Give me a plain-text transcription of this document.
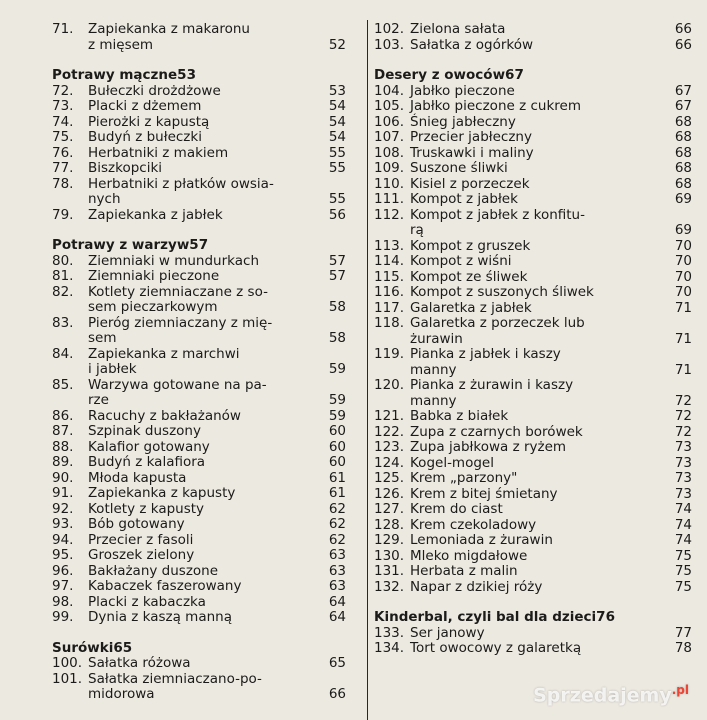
71. Zapiekanka z makaronu
z mięsem	52
Potrawy mączne53
72. Bułeczki drożdżowe	53
73. Placki z dżemem	54
74. Pierożki z kapustą	54
75. Budyń z bułeczki	54
76. Herbatniki z makiem	55
77. Biszkopciki	55
78. Herbatniki z płatków owsia-
nych	55
79. Zapiekanka z jabłek	56
Potrawy z warzyw57
80. Ziemniaki w mundurkach	57
81. Ziemniaki pieczone	57
82. Kotlety ziemniaczane z so-
sem pieczarkowym	58
83. Pieróg ziemniaczany z mię-
sem	58
84. Zapiekanka z marchwi
i jabłek	59
85. Warzywa gotowane na pa-
rze	59
86. Racuchy z bakłażanów	59
87. Szpinak duszony	60
88. Kalafior gotowany	60
89. Budyń z kalafiora	60
90. Młoda kapusta	61
91. Zapiekanka z kapusty	61
92. Kotlety z kapusty	62
93. Bób gotowany	62
94. Przecier z fasoli	62
95. Groszek zielony	63
96. Bakłażany duszone	63
97. Kabaczek faszerowany	63
98. Placki z kabaczka	64
99. Dynia z kaszą manną	64
Surówki65
100. Sałatka różowa	65
101. Sałatka ziemniaczano-po-
midorowa	66
102. Zielona sałata	66
103. Sałatka z ogórków	66
Desery z owoców67
104. Jabłko pieczone	67
105. Jabłko pieczone z cukrem	67
106. Śnieg jabłeczny	68
107. Przecier jabłeczny	68
108. Truskawki i maliny	68
109. Suszone śliwki	68
110. Kisiel z porzeczek	68
111. Kompot z jabłek	69
112. Kompot z jabłek z konfitu-
rą	69
113. Kompot z gruszek	70
114. Kompot z wiśni	70
115. Kompot ze śliwek	70
116. Kompot z suszonych śliwek	70
117. Galaretka z jabłek	71
118. Galaretka z porzeczek lub
żurawin	71
119. Pianka z jabłek i kaszy
manny	71
120. Pianka z żurawin i kaszy
manny	72
121. Babka z białek	72
122. Zupa z czarnych borówek	72
123. Zupa jabłkowa z ryżem	73
124. Kogel-mogel	73
125. Krem „parzony"	73
126. Krem z bitej śmietany	73
127. Krem do ciast	74
128. Krem czekoladowy	74
129. Lemoniada z żurawin	74
130. Mleko migdałowe	75
131. Herbata z malin	75
132. Napar z dzikiej róży	75
Kinderbal, czyli bal dla dzieci76
133. Ser janowy	77
134. Tort owocowy z galaretką	78
Sprzedajemy$^{.pl}$
